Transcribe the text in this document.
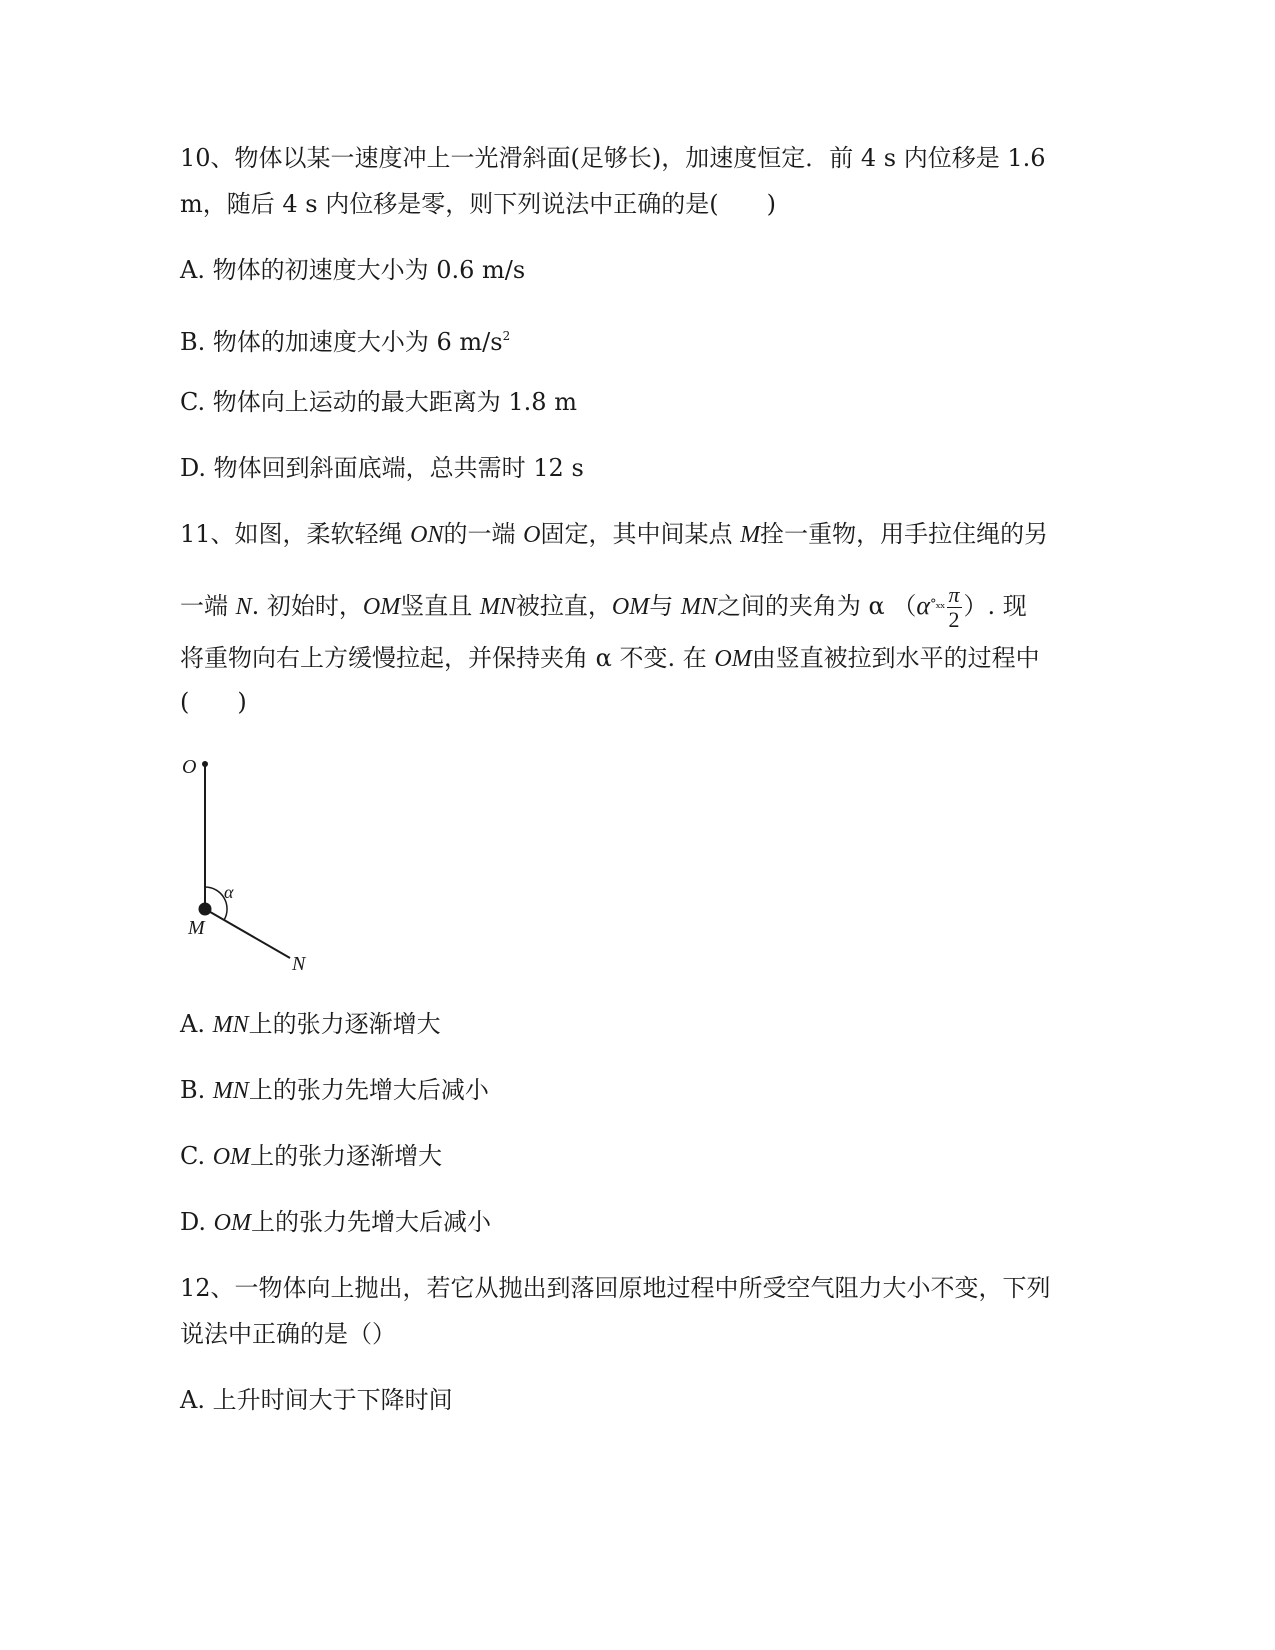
10、物体以某一速度冲上一光滑斜面(足够长)，加速度恒定．前 4 s 内位移是 1.6
m，随后 4 s 内位移是零，则下列说法中正确的是(　　)
A. 物体的初速度大小为 0.6 m/s
B. 物体的加速度大小为 6 $m/s^2$
C. 物体向上运动的最大距离为 1.8 m
D. 物体回到斜面底端，总共需时 12 s
11、如图，柔软轻绳 ON的一端 O固定，其中间某点 M拴一重物，用手拉住绳的另
一端 N. 初始时，OM竖直且 MN被拉直，OM与 MN之间的夹角为 α （$\alpha^{^\circ_{xx}} \frac{\pi}{2}$ ）. 现
将重物向右上方缓慢拉起，并保持夹角 α 不变. 在 OM由竖直被拉到水平的过程中
(　　)
O
α
M
N
A. MN上的张力逐渐增大
B. MN上的张力先增大后减小
C. OM上的张力逐渐增大
D. OM上的张力先增大后减小
12、一物体向上抛出，若它从抛出到落回原地过程中所受空气阻力大小不变，下列
说法中正确的是（）
A. 上升时间大于下降时间
